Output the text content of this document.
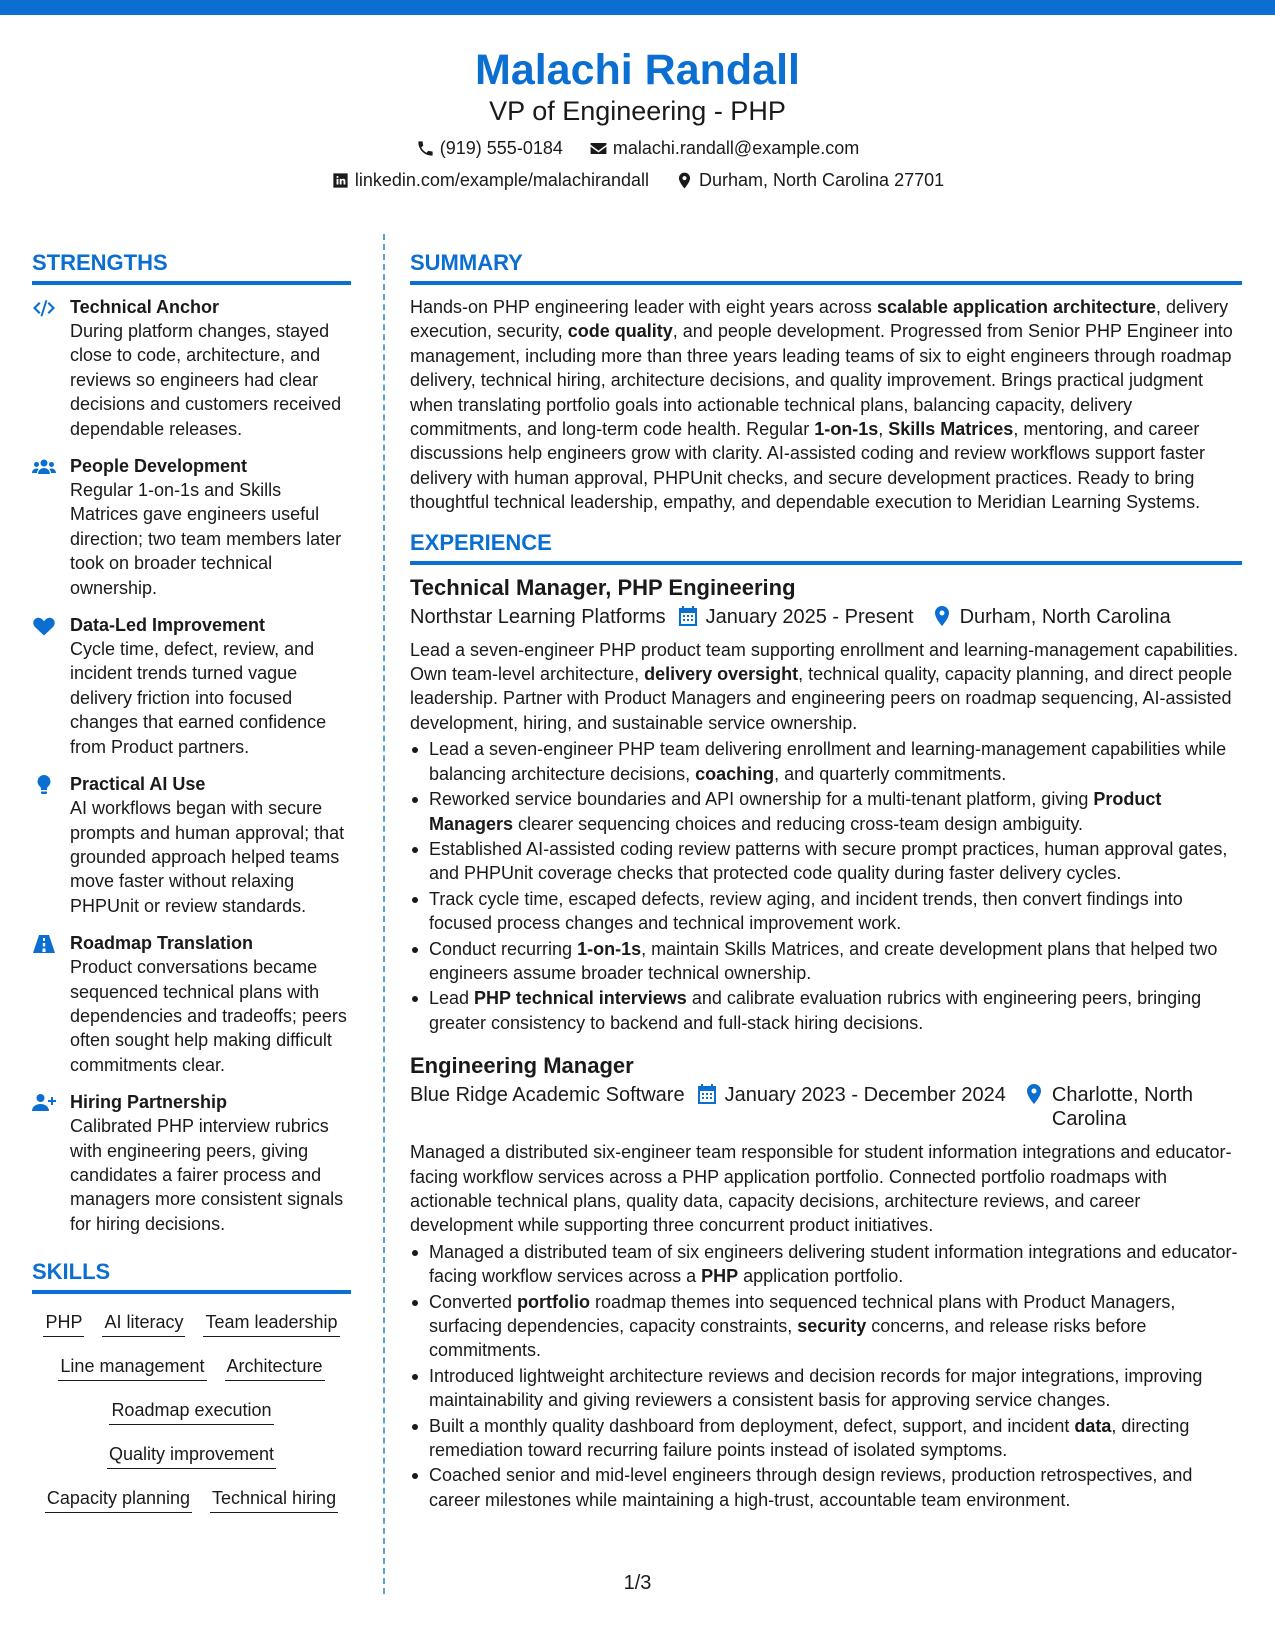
Malachi Randall
VP of Engineering - PHP
(919) 555-0184	malachi.randall@example.com
linkedin.com/example/malachirandall	Durham, North Carolina 27701
STRENGTHS
Technical Anchor
During platform changes, stayed close to code, architecture, and reviews so engineers had clear decisions and customers received dependable releases.
People Development
Regular 1-on-1s and Skills Matrices gave engineers useful direction; two team members later took on broader technical ownership.
Data-Led Improvement
Cycle time, defect, review, and incident trends turned vague delivery friction into focused changes that earned confidence from Product partners.
Practical AI Use
AI workflows began with secure prompts and human approval; that grounded approach helped teams move faster without relaxing PHPUnit or review standards.
Roadmap Translation
Product conversations became sequenced technical plans with dependencies and tradeoffs; peers often sought help making difficult commitments clear.
Hiring Partnership
Calibrated PHP interview rubrics with engineering peers, giving candidates a fairer process and managers more consistent signals for hiring decisions.
SKILLS
PHP AI literacy Team leadership
Line management Architecture
Roadmap execution
Quality improvement
Capacity planning Technical hiring
SUMMARY
Hands-on PHP engineering leader with eight years across scalable application architecture, delivery execution, security, code quality, and people development. Progressed from Senior PHP Engineer into management, including more than three years leading teams of six to eight engineers through roadmap delivery, technical hiring, architecture decisions, and quality improvement. Brings practical judgment when translating portfolio goals into actionable technical plans, balancing capacity, delivery commitments, and long-term code health. Regular 1-on-1s, Skills Matrices, mentoring, and career discussions help engineers grow with clarity. AI-assisted coding and review workflows support faster delivery with human approval, PHPUnit checks, and secure development practices. Ready to bring thoughtful technical leadership, empathy, and dependable execution to Meridian Learning Systems.
EXPERIENCE
Technical Manager, PHP Engineering
Northstar Learning Platforms January 2025 - Present Durham, North Carolina
Lead a seven-engineer PHP product team supporting enrollment and learning-management capabilities. Own team-level architecture, delivery oversight, technical quality, capacity planning, and direct people leadership. Partner with Product Managers and engineering peers on roadmap sequencing, AI-assisted development, hiring, and sustainable service ownership.
Lead a seven-engineer PHP team delivering enrollment and learning-management capabilities while balancing architecture decisions, coaching, and quarterly commitments.
Reworked service boundaries and API ownership for a multi-tenant platform, giving Product Managers clearer sequencing choices and reducing cross-team design ambiguity.
Established AI-assisted coding review patterns with secure prompt practices, human approval gates, and PHPUnit coverage checks that protected code quality during faster delivery cycles.
Track cycle time, escaped defects, review aging, and incident trends, then convert findings into focused process changes and technical improvement work.
Conduct recurring 1-on-1s, maintain Skills Matrices, and create development plans that helped two engineers assume broader technical ownership.
Lead PHP technical interviews and calibrate evaluation rubrics with engineering peers, bringing greater consistency to backend and full-stack hiring decisions.
Engineering Manager
Blue Ridge Academic Software January 2023 - December 2024 Charlotte, North Carolina
Managed a distributed six-engineer team responsible for student information integrations and educator-facing workflow services across a PHP application portfolio. Connected portfolio roadmaps with actionable technical plans, quality data, capacity decisions, architecture reviews, and career development while supporting three concurrent product initiatives.
Managed a distributed team of six engineers delivering student information integrations and educator-facing workflow services across a PHP application portfolio.
Converted portfolio roadmap themes into sequenced technical plans with Product Managers, surfacing dependencies, capacity constraints, security concerns, and release risks before commitments.
Introduced lightweight architecture reviews and decision records for major integrations, improving maintainability and giving reviewers a consistent basis for approving service changes.
Built a monthly quality dashboard from deployment, defect, support, and incident data, directing remediation toward recurring failure points instead of isolated symptoms.
Coached senior and mid-level engineers through design reviews, production retrospectives, and career milestones while maintaining a high-trust, accountable team environment.
1/3
